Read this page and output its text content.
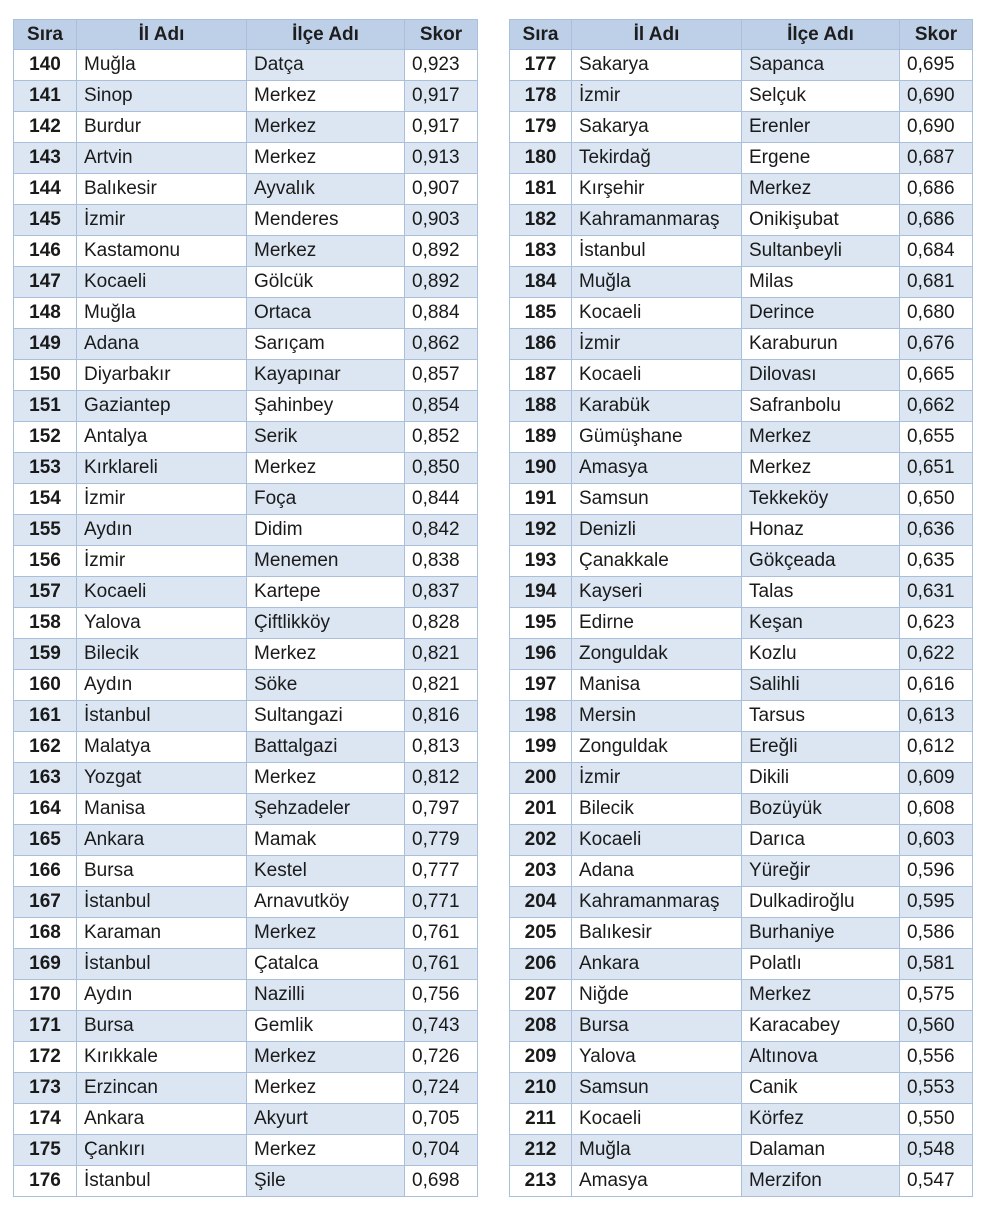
Sıra	İl Adı	İlçe Adı	Skor
140	Muğla	Datça	0,923
141	Sinop	Merkez	0,917
142	Burdur	Merkez	0,917
143	Artvin	Merkez	0,913
144	Balıkesir	Ayvalık	0,907
145	İzmir	Menderes	0,903
146	Kastamonu	Merkez	0,892
147	Kocaeli	Gölcük	0,892
148	Muğla	Ortaca	0,884
149	Adana	Sarıçam	0,862
150	Diyarbakır	Kayapınar	0,857
151	Gaziantep	Şahinbey	0,854
152	Antalya	Serik	0,852
153	Kırklareli	Merkez	0,850
154	İzmir	Foça	0,844
155	Aydın	Didim	0,842
156	İzmir	Menemen	0,838
157	Kocaeli	Kartepe	0,837
158	Yalova	Çiftlikköy	0,828
159	Bilecik	Merkez	0,821
160	Aydın	Söke	0,821
161	İstanbul	Sultangazi	0,816
162	Malatya	Battalgazi	0,813
163	Yozgat	Merkez	0,812
164	Manisa	Şehzadeler	0,797
165	Ankara	Mamak	0,779
166	Bursa	Kestel	0,777
167	İstanbul	Arnavutköy	0,771
168	Karaman	Merkez	0,761
169	İstanbul	Çatalca	0,761
170	Aydın	Nazilli	0,756
171	Bursa	Gemlik	0,743
172	Kırıkkale	Merkez	0,726
173	Erzincan	Merkez	0,724
174	Ankara	Akyurt	0,705
175	Çankırı	Merkez	0,704
176	İstanbul	Şile	0,698
Sıra	İl Adı	İlçe Adı	Skor
177	Sakarya	Sapanca	0,695
178	İzmir	Selçuk	0,690
179	Sakarya	Erenler	0,690
180	Tekirdağ	Ergene	0,687
181	Kırşehir	Merkez	0,686
182	Kahramanmaraş	Onikişubat	0,686
183	İstanbul	Sultanbeyli	0,684
184	Muğla	Milas	0,681
185	Kocaeli	Derince	0,680
186	İzmir	Karaburun	0,676
187	Kocaeli	Dilovası	0,665
188	Karabük	Safranbolu	0,662
189	Gümüşhane	Merkez	0,655
190	Amasya	Merkez	0,651
191	Samsun	Tekkeköy	0,650
192	Denizli	Honaz	0,636
193	Çanakkale	Gökçeada	0,635
194	Kayseri	Talas	0,631
195	Edirne	Keşan	0,623
196	Zonguldak	Kozlu	0,622
197	Manisa	Salihli	0,616
198	Mersin	Tarsus	0,613
199	Zonguldak	Ereğli	0,612
200	İzmir	Dikili	0,609
201	Bilecik	Bozüyük	0,608
202	Kocaeli	Darıca	0,603
203	Adana	Yüreğir	0,596
204	Kahramanmaraş	Dulkadiroğlu	0,595
205	Balıkesir	Burhaniye	0,586
206	Ankara	Polatlı	0,581
207	Niğde	Merkez	0,575
208	Bursa	Karacabey	0,560
209	Yalova	Altınova	0,556
210	Samsun	Canik	0,553
211	Kocaeli	Körfez	0,550
212	Muğla	Dalaman	0,548
213	Amasya	Merzifon	0,547
